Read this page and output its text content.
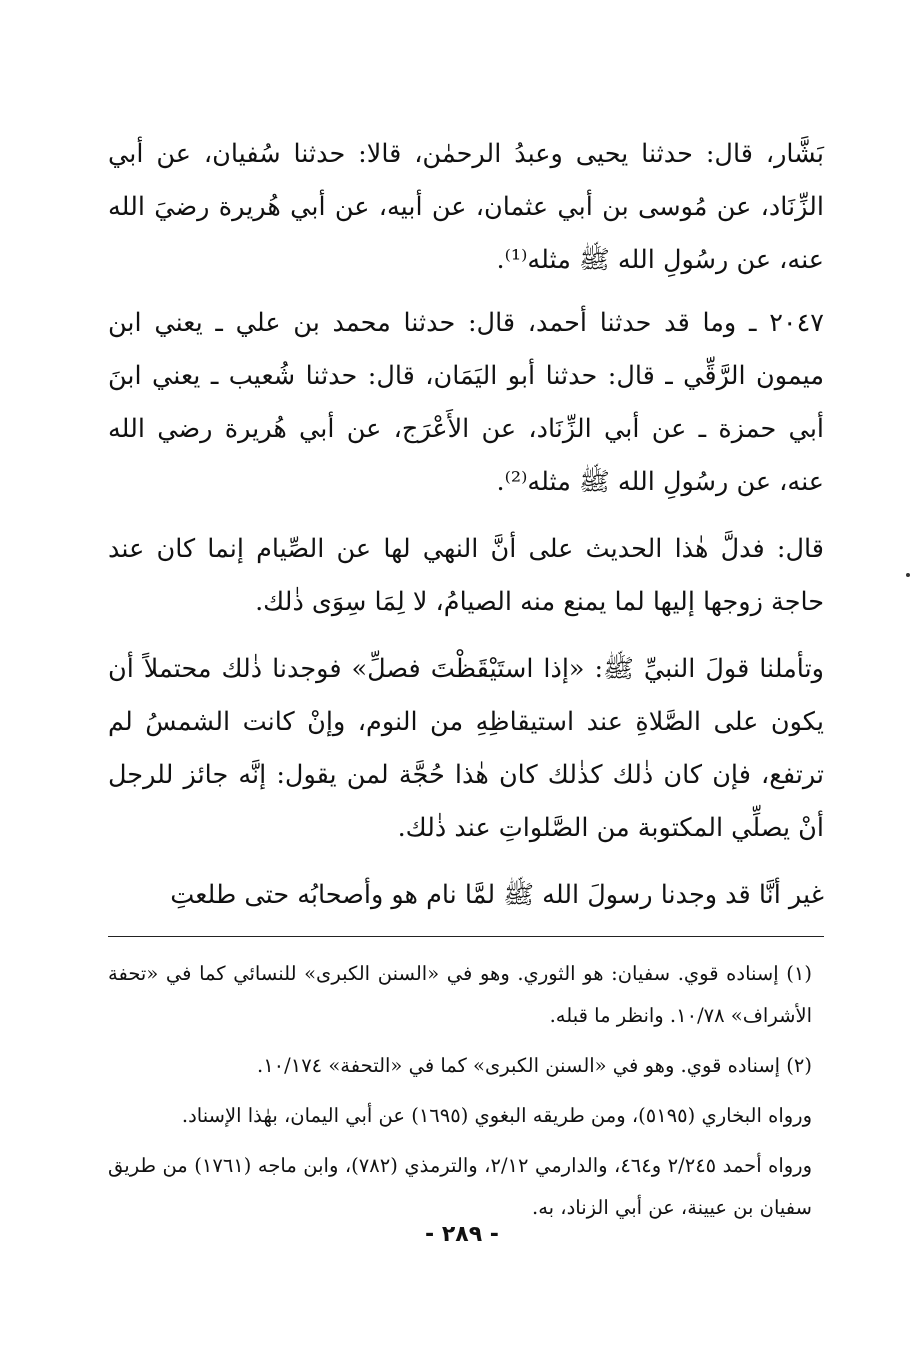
بَشَّار، قال: حدثنا يحيى وعبدُ الرحمٰن، قالا: حدثنا سُفيان، عن أبي الزِّنَاد، عن مُوسى بن أبي عثمان، عن أبيه، عن أبي هُريرة رضيَ الله عنه، عن رسُولِ الله ﷺ مثله⁽¹⁾.

٢٠٤٧ ـ وما قد حدثنا أحمد، قال: حدثنا محمد بن علي ـ يعني ابن ميمون الرَّقِّي ـ قال: حدثنا أبو اليَمَان، قال: حدثنا شُعيب ـ يعني ابنَ أبي حمزة ـ عن أبي الزِّنَاد، عن الأَعْرَج، عن أبي هُريرة رضي الله عنه، عن رسُولِ الله ﷺ مثله⁽²⁾.

قال: فدلَّ هٰذا الحديث على أنَّ النهي لها عن الصِّيام إنما كان عند حاجة زوجها إليها لما يمنع منه الصيامُ، لا لِمَا سِوَى ذٰلك.

وتأملنا قولَ النبيِّ ﷺ: «إذا استَيْقَظْتَ فصلِّ» فوجدنا ذٰلك محتملاً أن يكون على الصَّلاةِ عند استيقاظِهِ من النوم، وإنْ كانت الشمسُ لم ترتفع، فإن كان ذٰلك كذٰلك كان هٰذا حُجَّة لمن يقول: إنَّه جائز للرجل أنْ يصلِّي المكتوبة من الصَّلواتِ عند ذٰلك.

غير أنَّا قد وجدنا رسولَ الله ﷺ لمَّا نام هو وأصحابُه حتى طلعتِ

(١) إسناده قوي. سفيان: هو الثوري. وهو في «السنن الكبرى» للنسائي كما في «تحفة الأشراف» ١٠/٧٨. وانظر ما قبله.

(٢) إسناده قوي. وهو في «السنن الكبرى» كما في «التحفة» ١٠/١٧٤.

ورواه البخاري (٥١٩٥)، ومن طريقه البغوي (١٦٩٥) عن أبي اليمان، بهٰذا الإسناد.

ورواه أحمد ٢/٢٤٥ و٤٦٤، والدارمي ٢/١٢، والترمذي (٧٨٢)، وابن ماجه (١٧٦١) من طريق سفيان بن عيينة، عن أبي الزناد، به.

- ٢٨٩ -
